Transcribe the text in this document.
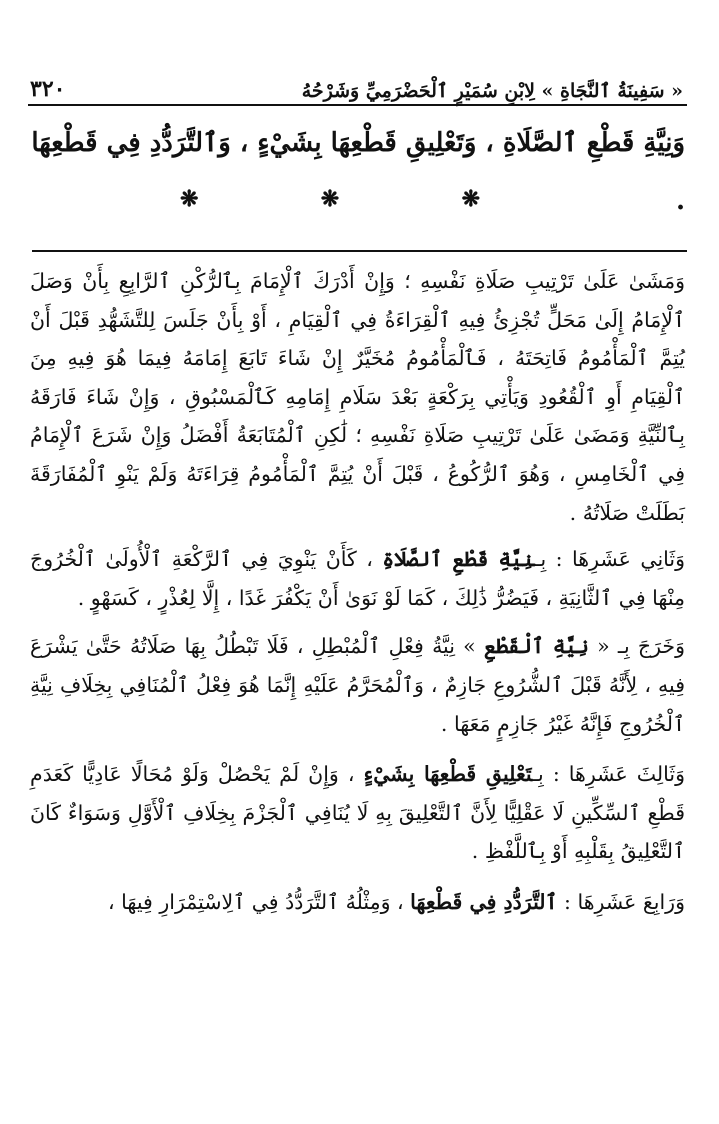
٣٢٠	« سَفِينَةُ ٱلنَّجَاةِ » لِابْنِ سُمَيْرٍ ٱلْحَضْرَمِيِّ وَشَرْحُهُ
وَنِيَّةِ قَطْعِ ٱلصَّلَاةِ ، وَتَعْلِيقِ قَطْعِهَا بِشَيْءٍ ، وَٱلتَّرَدُّدِ فِي قَطْعِهَا .
❋	❋	❋

وَمَشَىٰ عَلَىٰ تَرْتِيبِ صَلَاةِ نَفْسِهِ ؛ وَإِنْ أَدْرَكَ ٱلْإِمَامَ بِٱلرُّكْنِ ٱلرَّابِعِ بِأَنْ وَصَلَ ٱلْإِمَامُ إِلَىٰ مَحَلٍّ تُجْزِئُ فِيهِ ٱلْقِرَاءَةُ فِي ٱلْقِيَامِ ، أَوْ بِأَنْ جَلَسَ لِلتَّشَهُّدِ قَبْلَ أَنْ يُتِمَّ ٱلْمَأْمُومُ فَاتِحَتَهُ ، فَٱلْمَأْمُومُ مُخَيَّرٌ إِنْ شَاءَ تَابَعَ إِمَامَهُ فِيمَا هُوَ فِيهِ مِنَ ٱلْقِيَامِ أَوِ ٱلْقُعُودِ وَيَأْتِي بِرَكْعَةٍ بَعْدَ سَلَامِ إِمَامِهِ كَٱلْمَسْبُوقِ ، وَإِنْ شَاءَ فَارَقَهُ بِٱلنِّيَّةِ وَمَضَىٰ عَلَىٰ تَرْتِيبِ صَلَاةِ نَفْسِهِ ؛ لَٰكِنِ ٱلْمُتَابَعَةُ أَفْضَلُ وَإِنْ شَرَعَ ٱلْإِمَامُ فِي ٱلْخَامِسِ ، وَهُوَ ٱلرُّكُوعُ ، قَبْلَ أَنْ يُتِمَّ ٱلْمَأْمُومُ قِرَاءَتَهُ وَلَمْ يَنْوِ ٱلْمُفَارَقَةَ بَطَلَتْ صَلَاتُهُ .

وَثَانِي عَشَرِهَا : بِـنِيَّةِ قَطْعِ ٱلصَّلَاةِ ، كَأَنْ يَنْوِيَ فِي ٱلرَّكْعَةِ ٱلْأُولَىٰ ٱلْخُرُوجَ مِنْهَا فِي ٱلثَّانِيَةِ ، فَيَضُرُّ ذَٰلِكَ ، كَمَا لَوْ نَوَىٰ أَنْ يَكْفُرَ غَدًا ، إِلَّا لِعُذْرٍ ، كَسَهْوٍ .

وَخَرَجَ بِـ « نِيَّةِ ٱلْقَطْعِ » نِيَّةُ فِعْلِ ٱلْمُبْطِلِ ، فَلَا تَبْطُلُ بِهَا صَلَاتُهُ حَتَّىٰ يَشْرَعَ فِيهِ ، لِأَنَّهُ قَبْلَ ٱلشُّرُوعِ جَازِمٌ ، وَٱلْمُحَرَّمُ عَلَيْهِ إِنَّمَا هُوَ فِعْلُ ٱلْمُنَافِي بِخِلَافِ نِيَّةِ ٱلْخُرُوجِ فَإِنَّهُ غَيْرُ جَازِمٍ مَعَهَا .

وَثَالِثَ عَشَرِهَا : بِـتَعْلِيقِ قَطْعِهَا بِشَيْءٍ ، وَإِنْ لَمْ يَحْصُلْ وَلَوْ مُحَالًا عَادِيًّا كَعَدَمِ قَطْعِ ٱلسِّكِّينِ لَا عَقْلِيًّا لِأَنَّ ٱلتَّعْلِيقَ بِهِ لَا يُنَافِي ٱلْجَزْمَ بِخِلَافِ ٱلْأَوَّلِ وَسَوَاءٌ كَانَ ٱلتَّعْلِيقُ بِقَلْبِهِ أَوْ بِٱللَّفْظِ .

وَرَابِعَ عَشَرِهَا : ٱلتَّرَدُّدِ فِي قَطْعِهَا ، وَمِثْلُهُ ٱلتَّرَدُّدُ فِي ٱلِاسْتِمْرَارِ فِيهَا ،
